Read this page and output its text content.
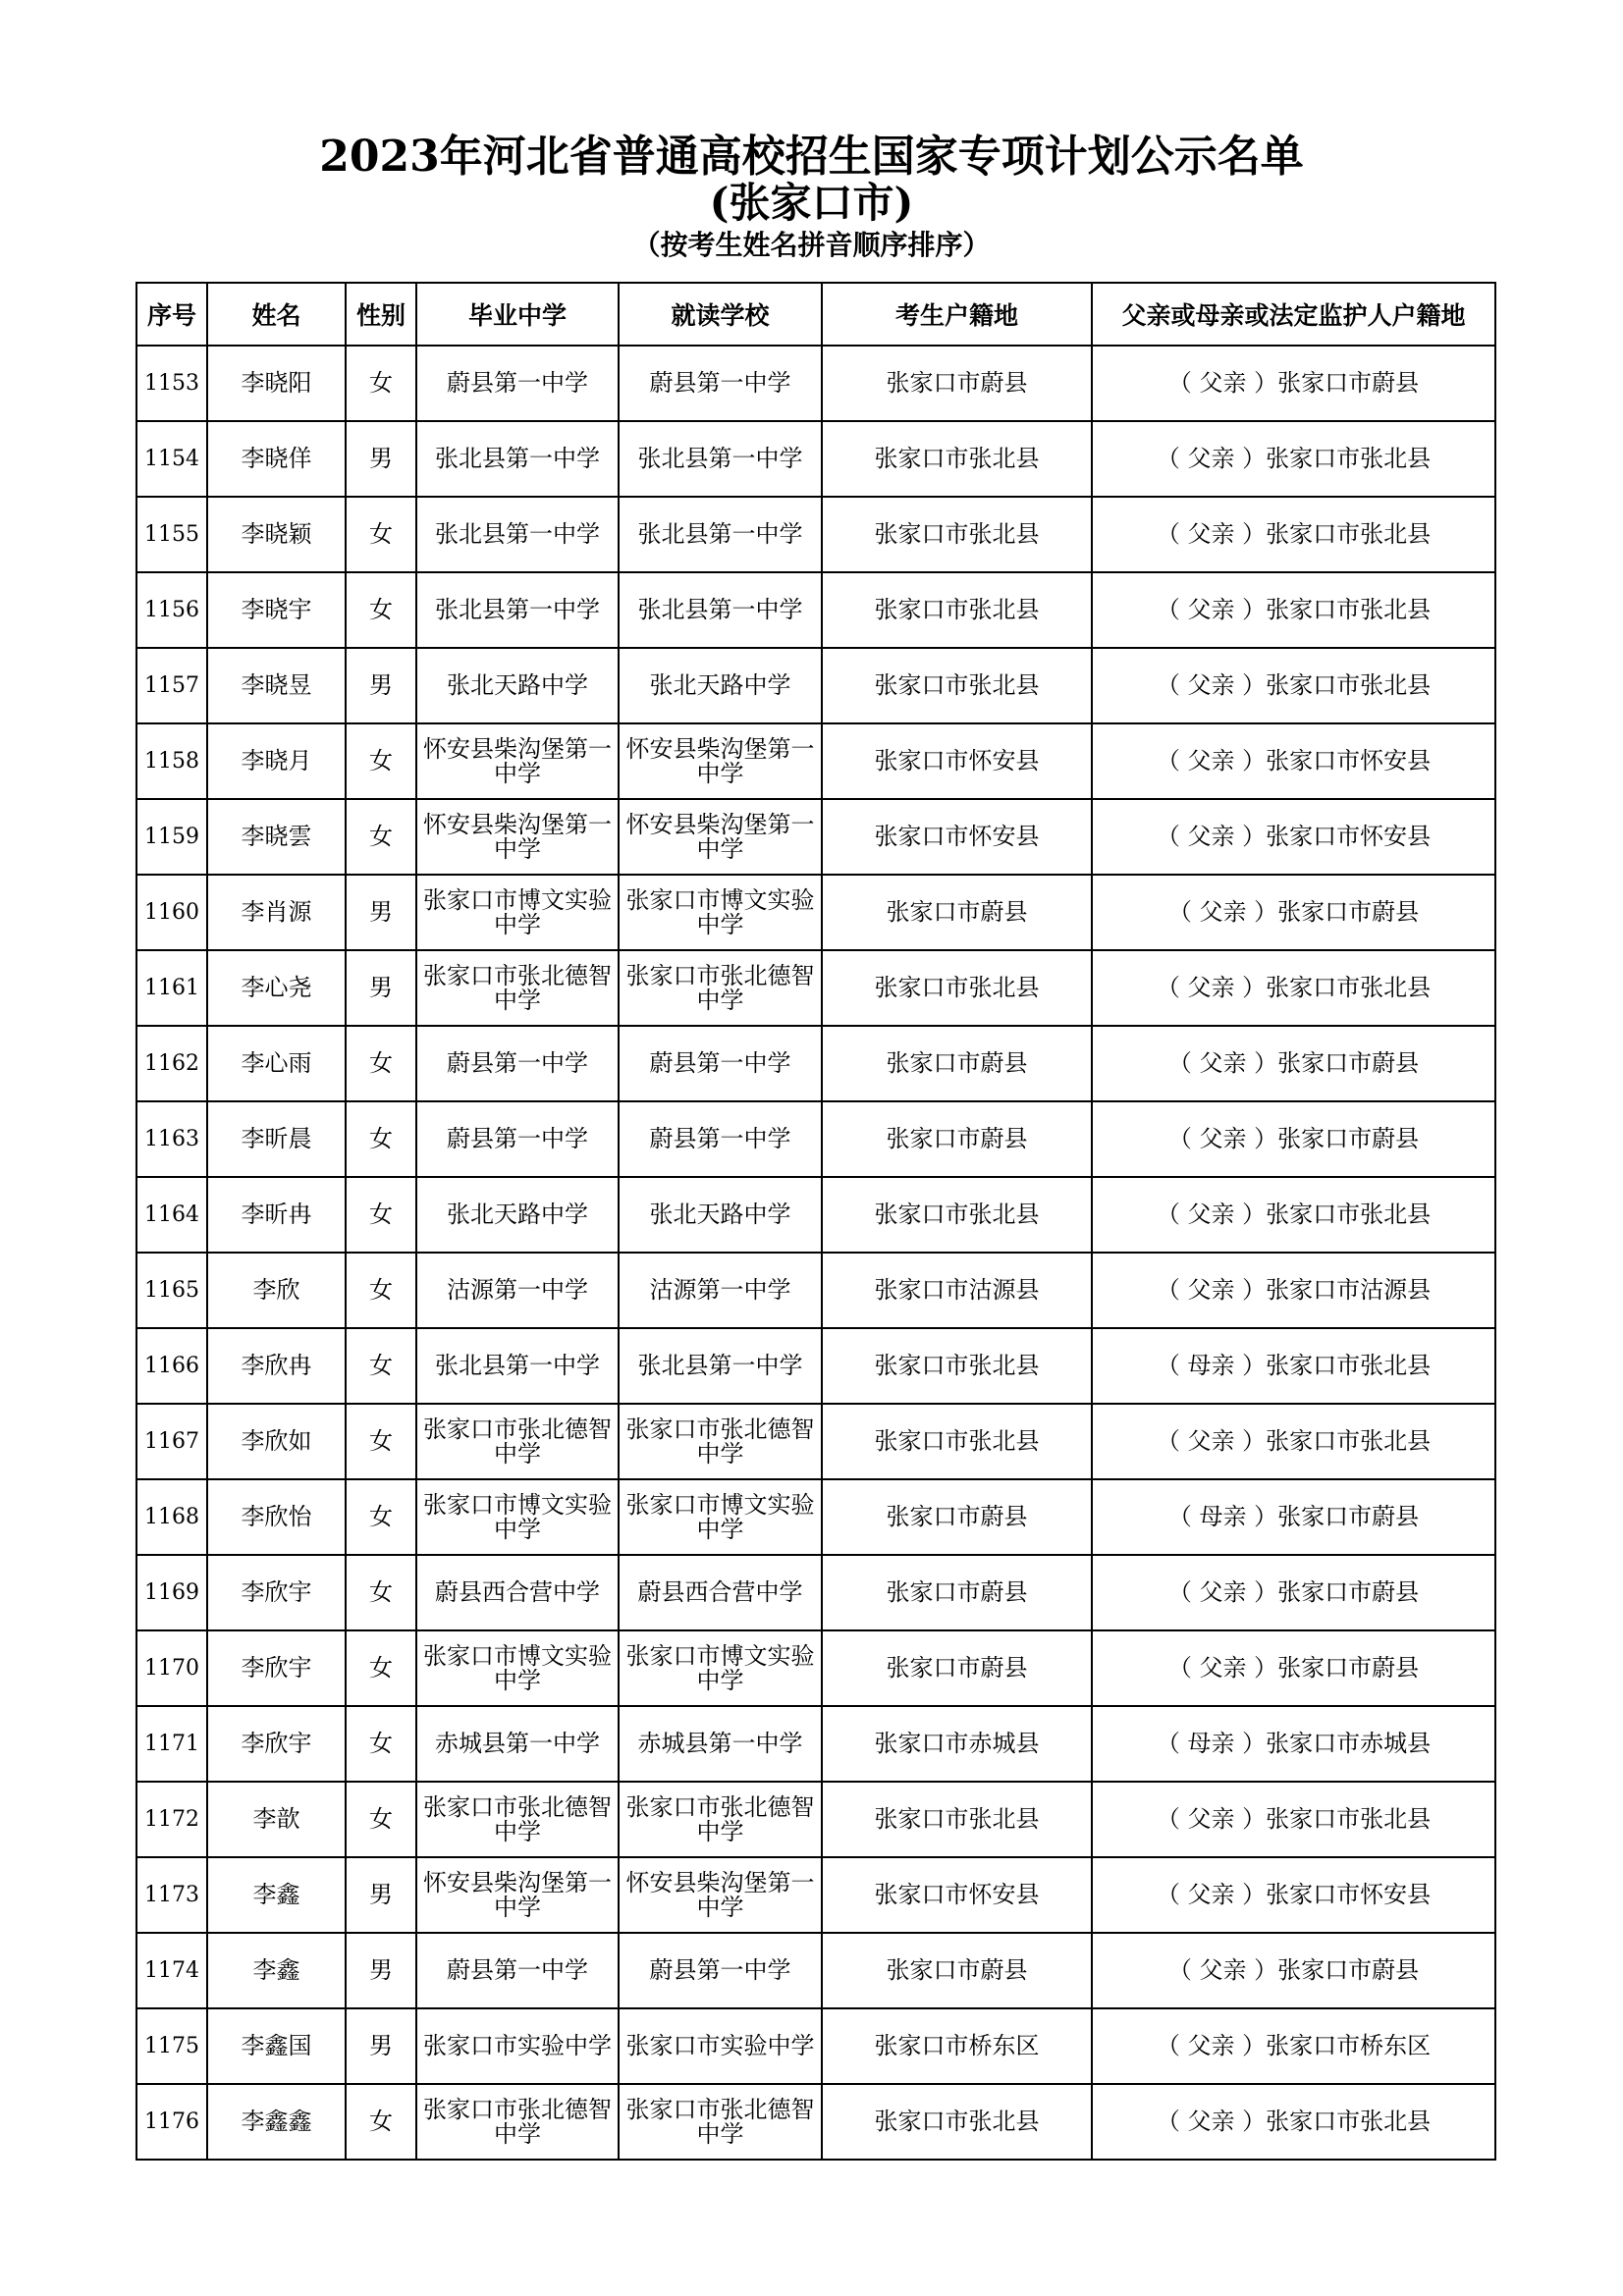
2023年河北省普通高校招生国家专项计划公示名单
(张家口市)
（按考生姓名拼音顺序排序）
序号	姓名	性别	毕业中学	就读学校	考生户籍地	父亲或母亲或法定监护人户籍地
1153	李晓阳	女	蔚县第一中学	蔚县第一中学	张家口市蔚县	（ 父亲 ）张家口市蔚县
1154	李晓佯	男	张北县第一中学	张北县第一中学	张家口市张北县	（ 父亲 ）张家口市张北县
1155	李晓颖	女	张北县第一中学	张北县第一中学	张家口市张北县	（ 父亲 ）张家口市张北县
1156	李晓宇	女	张北县第一中学	张北县第一中学	张家口市张北县	（ 父亲 ）张家口市张北县
1157	李晓昱	男	张北天路中学	张北天路中学	张家口市张北县	（ 父亲 ）张家口市张北县
1158	李晓月	女	怀安县柴沟堡第一中学	怀安县柴沟堡第一中学	张家口市怀安县	（ 父亲 ）张家口市怀安县
1159	李晓雲	女	怀安县柴沟堡第一中学	怀安县柴沟堡第一中学	张家口市怀安县	（ 父亲 ）张家口市怀安县
1160	李肖源	男	张家口市博文实验中学	张家口市博文实验中学	张家口市蔚县	（ 父亲 ）张家口市蔚县
1161	李心尧	男	张家口市张北德智中学	张家口市张北德智中学	张家口市张北县	（ 父亲 ）张家口市张北县
1162	李心雨	女	蔚县第一中学	蔚县第一中学	张家口市蔚县	（ 父亲 ）张家口市蔚县
1163	李昕晨	女	蔚县第一中学	蔚县第一中学	张家口市蔚县	（ 父亲 ）张家口市蔚县
1164	李昕冉	女	张北天路中学	张北天路中学	张家口市张北县	（ 父亲 ）张家口市张北县
1165	李欣	女	沽源第一中学	沽源第一中学	张家口市沽源县	（ 父亲 ）张家口市沽源县
1166	李欣冉	女	张北县第一中学	张北县第一中学	张家口市张北县	（ 母亲 ）张家口市张北县
1167	李欣如	女	张家口市张北德智中学	张家口市张北德智中学	张家口市张北县	（ 父亲 ）张家口市张北县
1168	李欣怡	女	张家口市博文实验中学	张家口市博文实验中学	张家口市蔚县	（ 母亲 ）张家口市蔚县
1169	李欣宇	女	蔚县西合营中学	蔚县西合营中学	张家口市蔚县	（ 父亲 ）张家口市蔚县
1170	李欣宇	女	张家口市博文实验中学	张家口市博文实验中学	张家口市蔚县	（ 父亲 ）张家口市蔚县
1171	李欣宇	女	赤城县第一中学	赤城县第一中学	张家口市赤城县	（ 母亲 ）张家口市赤城县
1172	李歆	女	张家口市张北德智中学	张家口市张北德智中学	张家口市张北县	（ 父亲 ）张家口市张北县
1173	李鑫	男	怀安县柴沟堡第一中学	怀安县柴沟堡第一中学	张家口市怀安县	（ 父亲 ）张家口市怀安县
1174	李鑫	男	蔚县第一中学	蔚县第一中学	张家口市蔚县	（ 父亲 ）张家口市蔚县
1175	李鑫国	男	张家口市实验中学	张家口市实验中学	张家口市桥东区	（ 父亲 ）张家口市桥东区
1176	李鑫鑫	女	张家口市张北德智中学	张家口市张北德智中学	张家口市张北县	（ 父亲 ）张家口市张北县
